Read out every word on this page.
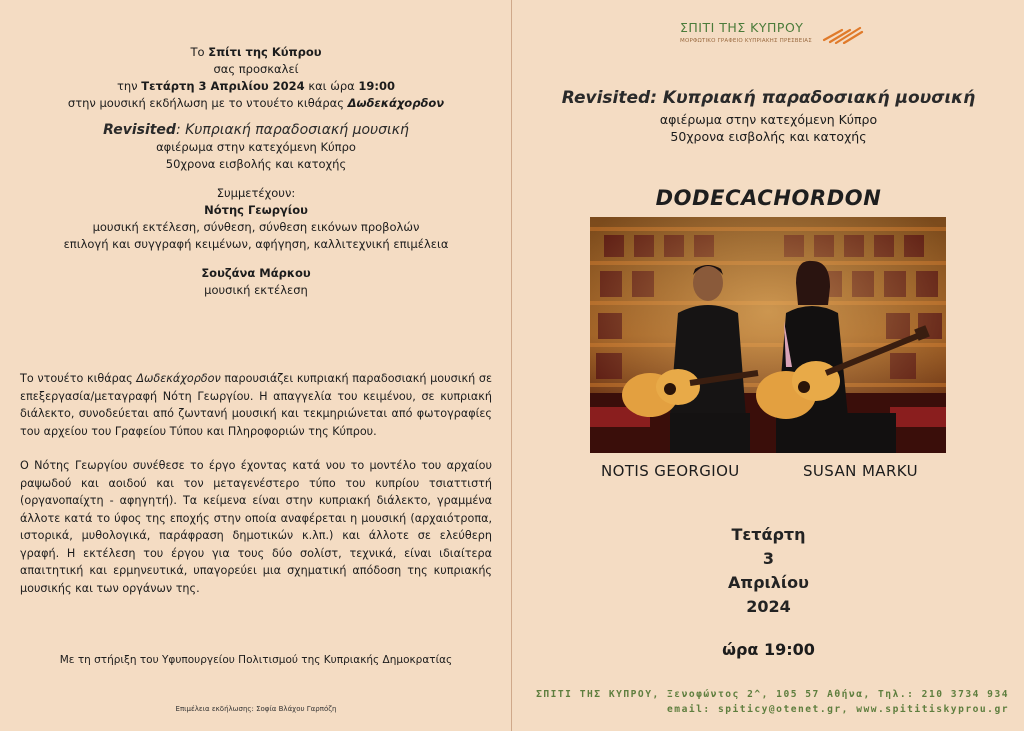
Το Σπίτι της Κύπρου

σας προσκαλεί

την Τετάρτη 3 Απριλίου 2024 και ώρα 19:00

στην μουσική εκδήλωση με το ντουέτο κιθάρας Δωδεκάχορδον

Revisited: Κυπριακή παραδοσιακή μουσική

αφιέρωμα στην κατεχόμενη Κύπρο

50χρονα εισβολής και κατοχής

Συμμετέχουν:

Νότης Γεωργίου

μουσική εκτέλεση, σύνθεση, σύνθεση εικόνων προβολών

επιλογή και συγγραφή κειμένων, αφήγηση, καλλιτεχνική επιμέλεια

Σουζάνα Μάρκου

μουσική εκτέλεση

Το ντουέτο κιθάρας Δωδεκάχορδον παρουσιάζει κυπριακή παραδοσιακή μουσική σε επεξεργασία/μεταγραφή Νότη Γεωργίου. Η απαγγελία του κειμένου, σε κυπριακή διάλεκτο, συνοδεύεται από ζωντανή μουσική και τεκμηριώνεται από φωτογραφίες του αρχείου του Γραφείου Τύπου και Πληροφοριών της Κύπρου.

Ο Νότης Γεωργίου συνέθεσε το έργο έχοντας κατά νου το μοντέλο του αρχαίου ραψωδού και αοιδού και τον μεταγενέστερο τύπο του κυπρίου τσιαττιστή (οργανοπαίχτη - αφηγητή). Τα κείμενα είναι στην κυπριακή διάλεκτο, γραμμένα άλλοτε κατά το ύφος της εποχής στην οποία αναφέρεται η μουσική (αρχαιότροπα, ιστορικά, μυθολογικά, παράφραση δημοτικών κ.λπ.) και άλλοτε σε ελεύθερη γραφή. Η εκτέλεση του έργου για τους δύο σολίστ, τεχνικά, είναι ιδιαίτερα απαιτητική και ερμηνευτικά, υπαγορεύει μια σχηματική απόδοση της κυπριακής μουσικής και των οργάνων της.

Με τη στήριξη του Υφυπουργείου Πολιτισμού της Κυπριακής Δημοκρατίας
Επιμέλεια εκδήλωσης: Σοφία Βλάχου Γαρπόζη
ΣΠΙΤΙ ΤΗΣ ΚΥΠΡΟΥ
ΜΟΡΦΩΤΙΚΟ ΓΡΑΦΕΙΟ ΚΥΠΡΙΑΚΗΣ ΠΡΕΣΒΕΙΑΣ
Revisited: Κυπριακή παραδοσιακή μουσική
αφιέρωμα στην κατεχόμενη Κύπρο
50χρονα εισβολής και κατοχής
DODECACHORDON
NOTIS GEORGIOU	SUSAN MARKU
Τετάρτη
3
Απριλίου
2024
ώρα 19:00
ΣΠΙΤΙ ΤΗΣ ΚΥΠΡΟΥ, Ξενοφώντος 2^, 105 57 Αθήνα, Τηλ.: 210 3734 934
email: spiticy@otenet.gr, www.spititiskyprou.gr
